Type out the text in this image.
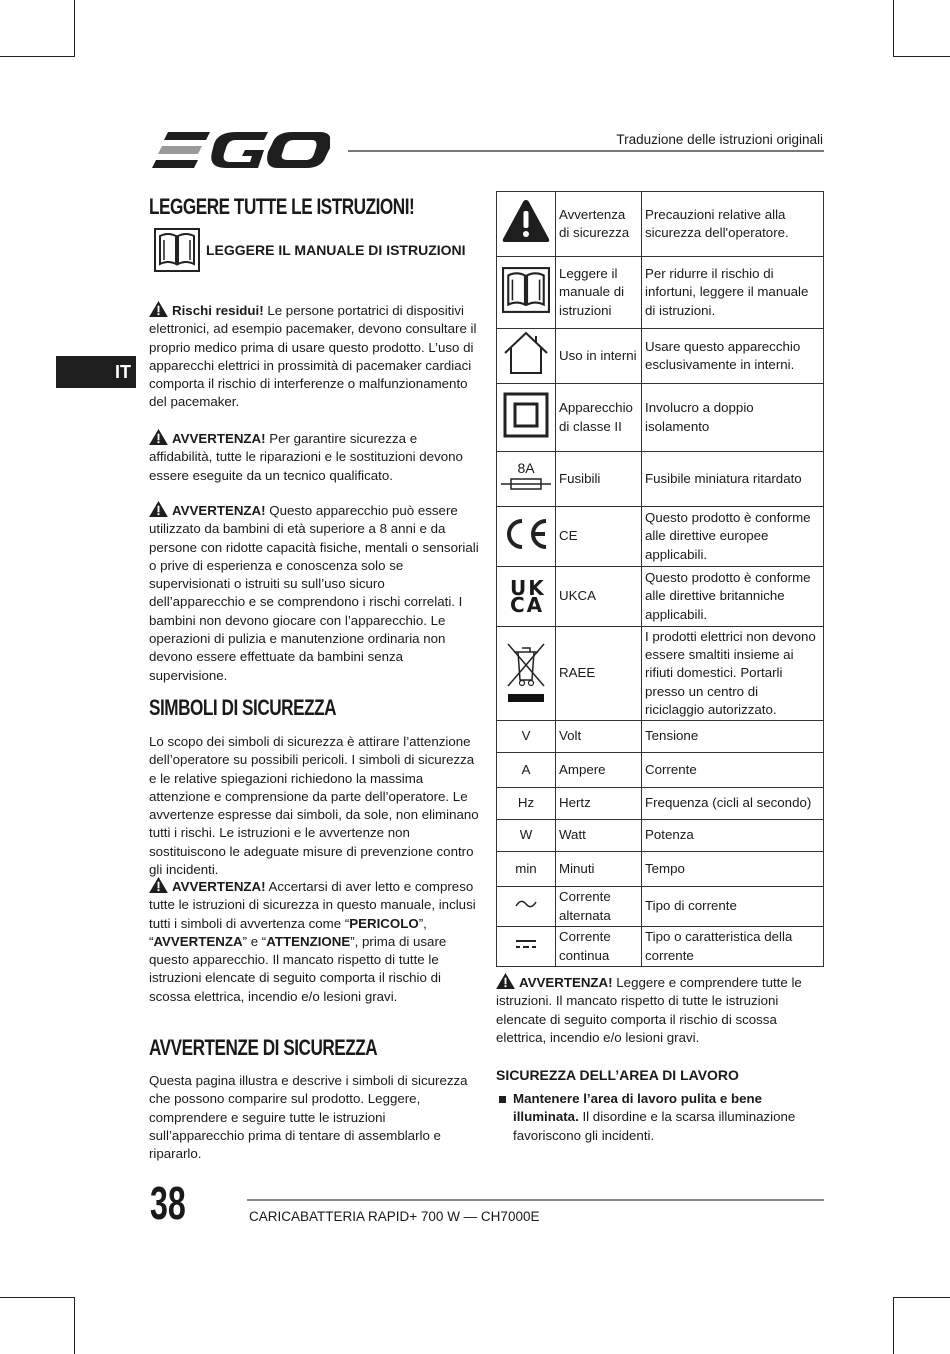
Traduzione delle istruzioni originali
IT
LEGGERE TUTTE LE ISTRUZIONI!
LEGGERE IL MANUALE DI ISTRUZIONI
Rischi residui! Le persone portatrici di dispositivi elettronici, ad esempio pacemaker, devono consultare il proprio medico prima di usare questo prodotto. L’uso di apparecchi elettrici in prossimità di pacemaker cardiaci comporta il rischio di interferenze o malfunzionamento del pacemaker.
AVVERTENZA! Per garantire sicurezza e affidabilità, tutte le riparazioni e le sostituzioni devono essere eseguite da un tecnico qualificato.
AVVERTENZA! Questo apparecchio può essere utilizzato da bambini di età superiore a 8 anni e da persone con ridotte capacità fisiche, mentali o sensoriali o prive di esperienza e conoscenza solo se supervisionati o istruiti su sull’uso sicuro dell’apparecchio e se comprendono i rischi correlati. I bambini non devono giocare con l’apparecchio. Le operazioni di pulizia e manutenzione ordinaria non devono essere effettuate da bambini senza supervisione.
SIMBOLI DI SICUREZZA
Lo scopo dei simboli di sicurezza è attirare l’attenzione dell’operatore su possibili pericoli. I simboli di sicurezza e le relative spiegazioni richiedono la massima attenzione e comprensione da parte dell’operatore. Le avvertenze espresse dai simboli, da sole, non eliminano tutti i rischi. Le istruzioni e le avvertenze non sostituiscono le adeguate misure di prevenzione contro gli incidenti.
AVVERTENZA! Accertarsi di aver letto e compreso tutte le istruzioni di sicurezza in questo manuale, inclusi tutti i simboli di avvertenza come “PERICOLO”, “AVVERTENZA” e “ATTENZIONE”, prima di usare questo apparecchio. Il mancato rispetto di tutte le istruzioni elencate di seguito comporta il rischio di scossa elettrica, incendio e/o lesioni gravi.
AVVERTENZE DI SICUREZZA
Questa pagina illustra e descrive i simboli di sicurezza che possono comparire sul prodotto. Leggere, comprendere e seguire tutte le istruzioni sull’apparecchio prima di tentare di assemblarlo e ripararlo.
	Avvertenza di sicurezza	Precauzioni relative alla sicurezza dell'operatore.
	Leggere il manuale di istruzioni	Per ridurre il rischio di infortuni, leggere il manuale di istruzioni.
	Uso in interni	Usare questo apparecchio esclusivamente in interni.
	Apparecchio di classe II	Involucro a doppio isolamento

8A	Fusibili	Fusibile miniatura ritardato
	CE	Questo prodotto è conforme alle direttive europee applicabili.

UK CA	UKCA	Questo prodotto è conforme alle direttive britanniche applicabili.
	RAEE	I prodotti elettrici non devono essere smaltiti insieme ai rifiuti domestici. Portarli presso un centro di riciclaggio autorizzato.
V	Volt	Tensione
A	Ampere	Corrente
Hz	Hertz	Frequenza (cicli al secondo)
W	Watt	Potenza
min	Minuti	Tempo
	Corrente alternata	Tipo di corrente
	Corrente continua	Tipo o caratteristica della corrente
AVVERTENZA! Leggere e comprendere tutte le istruzioni. Il mancato rispetto di tutte le istruzioni elencate di seguito comporta il rischio di scossa elettrica, incendio e/o lesioni gravi.
SICUREZZA DELL’AREA DI LAVORO
Mantenere l’area di lavoro pulita e bene illuminata. Il disordine e la scarsa illuminazione favoriscono gli incidenti.
38	CARICABATTERIA RAPID+ 700 W — CH7000E
